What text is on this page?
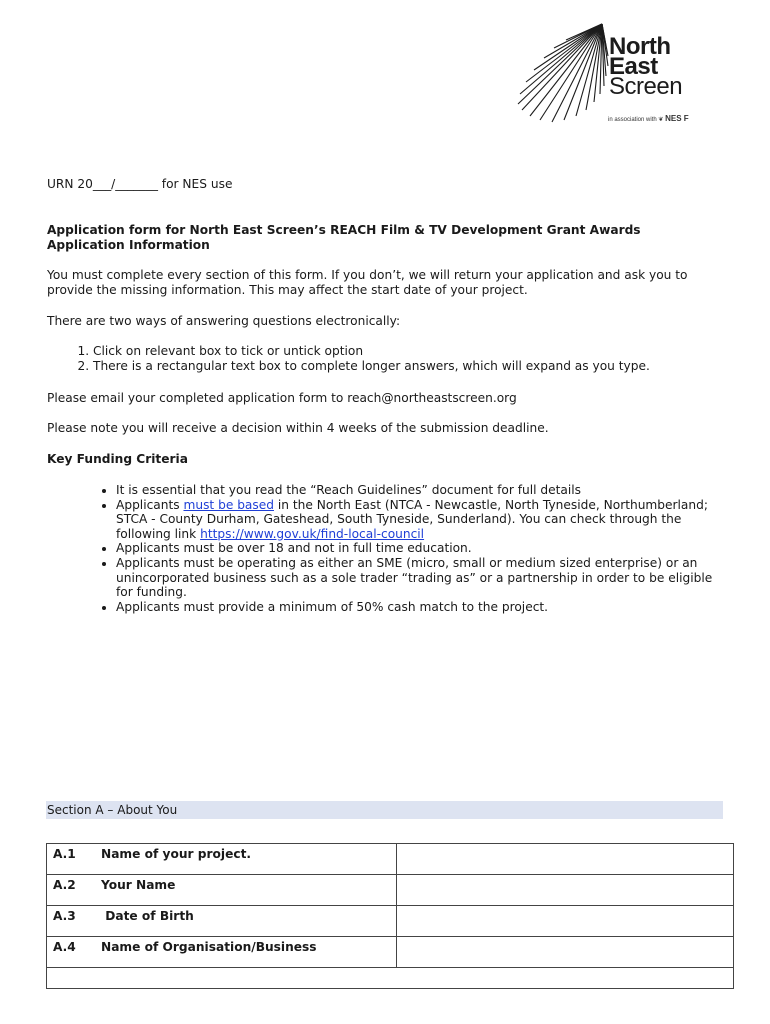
North
East
Screen
in association with ❦ NES F
URN 20___/_______ for NES use
Application form for North East Screen’s REACH Film & TV Development Grant Awards
Application Information
You must complete every section of this form. If you don’t, we will return your application and ask you to provide the missing information. This may affect the start date of your project.
There are two ways of answering questions electronically:
1. Click on relevant box to tick or untick option
2. There is a rectangular text box to complete longer answers, which will expand as you type.
Please email your completed application form to reach@northeastscreen.org
Please note you will receive a decision within 4 weeks of the submission deadline.
Key Funding Criteria
• It is essential that you read the “Reach Guidelines” document for full details
• Applicants must be based in the North East (NTCA - Newcastle, North Tyneside, Northumberland; STCA - County Durham, Gateshead, South Tyneside, Sunderland). You can check through the following link https://www.gov.uk/find-local-council
• Applicants must be over 18 and not in full time education.
• Applicants must be operating as either an SME (micro, small or medium sized enterprise) or an unincorporated business such as a sole trader “trading as” or a partnership in order to be eligible for funding.
• Applicants must provide a minimum of 50% cash match to the project.
Section A – About You
A.1 Name of your project.	
A.2 Your Name	
A.3 Date of Birth	
A.4 Name of Organisation/Business	
